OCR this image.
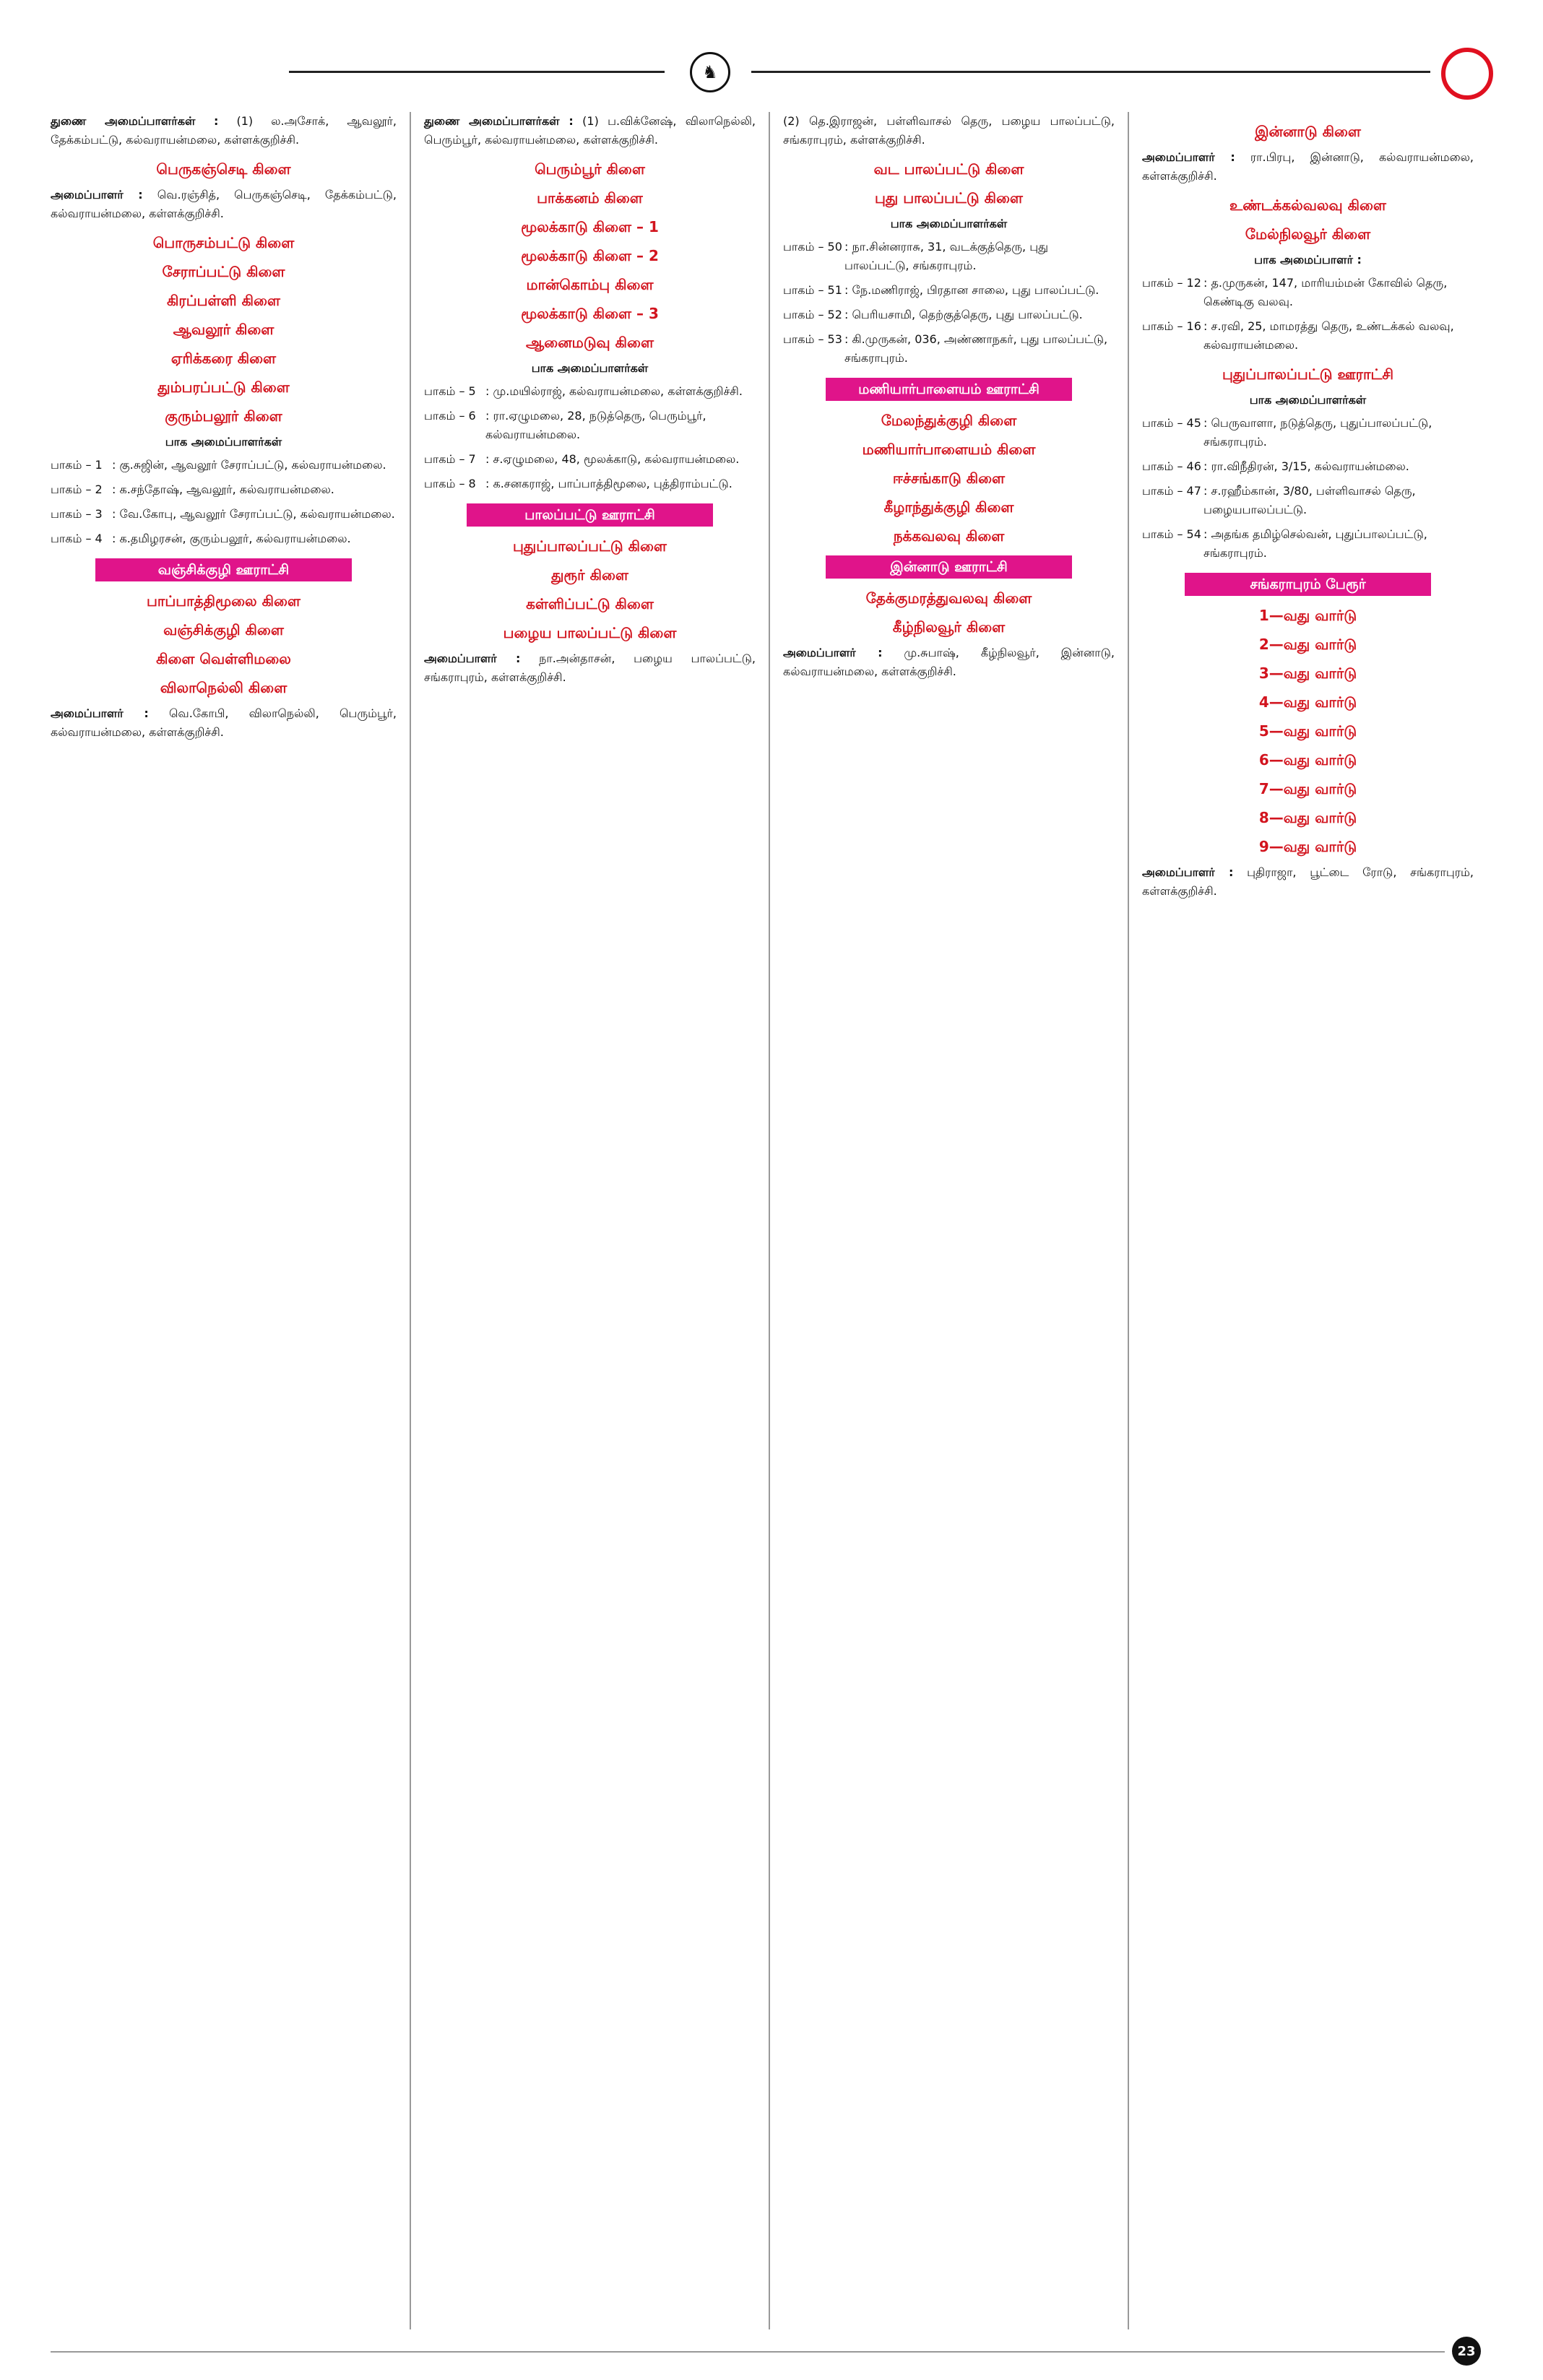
♞

துணை அமைப்பாளர்கள் : (1) ல.அசோக், ஆவலூர், தேக்கம்பட்டு, கல்வராயன்மலை, கள்ளக்குறிச்சி.

பெருகஞ்செடி கிளை

அமைப்பாளர் : வெ.ரஞ்சித், பெருகஞ்செடி, தேக்கம்பட்டு, கல்வராயன்மலை, கள்ளக்குறிச்சி.

பொருசம்பட்டு கிளை
சேராப்பட்டு கிளை
கிரப்பள்ளி கிளை
ஆவலூர் கிளை
ஏரிக்கரை கிளை
தும்பரப்பட்டு கிளை
குரும்பலூர் கிளை
பாக அமைப்பாளர்கள்
பாகம் – 1 : கு.சுஜின், ஆவலூர் சேராப்பட்டு, கல்வராயன்மலை.
பாகம் – 2 : க.சந்தோஷ், ஆவலூர், கல்வராயன்மலை.
பாகம் – 3 : வே.கோபு, ஆவலூர் சேராப்பட்டு, கல்வராயன்மலை.
பாகம் – 4 : க.தமிழரசன், குரும்பலூர், கல்வராயன்மலை.
வஞ்சிக்குழி ஊராட்சி
பாப்பாத்திமூலை கிளை
வஞ்சிக்குழி கிளை
கிளை வெள்ளிமலை
விலாநெல்லி கிளை

அமைப்பாளர் : வெ.கோபி, விலாநெல்லி, பெரும்பூர், கல்வராயன்மலை, கள்ளக்குறிச்சி.

துணை அமைப்பாளர்கள் : (1) ப.விக்னேஷ், விலாநெல்லி, பெரும்பூர், கல்வராயன்மலை, கள்ளக்குறிச்சி.

பெரும்பூர் கிளை
பாக்கனம் கிளை
மூலக்காடு கிளை – 1
மூலக்காடு கிளை – 2
மான்கொம்பு கிளை
மூலக்காடு கிளை – 3
ஆனைமடுவு கிளை
பாக அமைப்பாளர்கள்
பாகம் – 5 : மு.மயில்ராஜ், கல்வராயன்மலை, கள்ளக்குறிச்சி.
பாகம் – 6 : ரா.ஏழுமலை, 28, நடுத்தெரு, பெரும்பூர், கல்வராயன்மலை.
பாகம் – 7 : ச.ஏழுமலை, 48, மூலக்காடு, கல்வராயன்மலை.
பாகம் – 8 : க.சனகராஜ், பாப்பாத்திமூலை, புத்திராம்பட்டு.
பாலப்பட்டு ஊராட்சி
புதுப்பாலப்பட்டு கிளை
துரூர் கிளை
கள்ளிப்பட்டு கிளை
பழைய பாலப்பட்டு கிளை

அமைப்பாளர் : நா.அன்தாசன், பழைய பாலப்பட்டு, சங்கராபுரம், கள்ளக்குறிச்சி.

(2) தெ.இராஜன், பள்ளிவாசல் தெரு, பழைய பாலப்பட்டு, சங்கராபுரம், கள்ளக்குறிச்சி.

வட பாலப்பட்டு கிளை
புது பாலப்பட்டு கிளை
பாக அமைப்பாளர்கள்
பாகம் – 50 : நா.சின்னராசு, 31, வடக்குத்தெரு, புது பாலப்பட்டு, சங்கராபுரம்.
பாகம் – 51 : நே.மணிராஜ், பிரதான சாலை, புது பாலப்பட்டு.
பாகம் – 52 : பெரியசாமி, தெற்குத்தெரு, புது பாலப்பட்டு.
பாகம் – 53 : கி.முருகன், 036, அண்ணாநகர், புது பாலப்பட்டு, சங்கராபுரம்.
மணியார்பாளையம் ஊராட்சி
மேலந்துக்குழி கிளை
மணியார்பாளையம் கிளை
ஈச்சங்காடு கிளை
கீழாந்துக்குழி கிளை
நக்கவலவு கிளை
இன்னாடு ஊராட்சி
தேக்குமரத்துவலவு கிளை
கீழ்நிலவூர் கிளை

அமைப்பாளர் : மு.சுபாஷ், கீழ்நிலவூர், இன்னாடு, கல்வராயன்மலை, கள்ளக்குறிச்சி.

இன்னாடு கிளை

அமைப்பாளர் : ரா.பிரபு, இன்னாடு, கல்வராயன்மலை, கள்ளக்குறிச்சி.

உண்டக்கல்வலவு கிளை
மேல்நிலவூர் கிளை
பாக அமைப்பாளர் :
பாகம் – 12 : த.முருகன், 147, மாரியம்மன் கோவில் தெரு, கெண்டிகு வலவு.
பாகம் – 16 : ச.ரவி, 25, மாமரத்து தெரு, உண்டக்கல் வலவு, கல்வராயன்மலை.
புதுப்பாலப்பட்டு ஊராட்சி
பாக அமைப்பாளர்கள்
பாகம் – 45 : பெருவாளா, நடுத்தெரு, புதுப்பாலப்பட்டு, சங்கராபுரம்.
பாகம் – 46 : ரா.விநீதிரன், 3/15, கல்வராயன்மலை.
பாகம் – 47 : ச.ரஹீம்கான், 3/80, பள்ளிவாசல் தெரு, பழையபாலப்பட்டு.
பாகம் – 54 : அதங்க தமிழ்செல்வன், புதுப்பாலப்பட்டு, சங்கராபுரம்.
சங்கராபுரம் பேரூர்
1—வது வார்டு
2—வது வார்டு
3—வது வார்டு
4—வது வார்டு
5—வது வார்டு
6—வது வார்டு
7—வது வார்டு
8—வது வார்டு
9—வது வார்டு

அமைப்பாளர் : புதிராஜா, பூட்டை ரோடு, சங்கராபுரம், கள்ளக்குறிச்சி.

23
